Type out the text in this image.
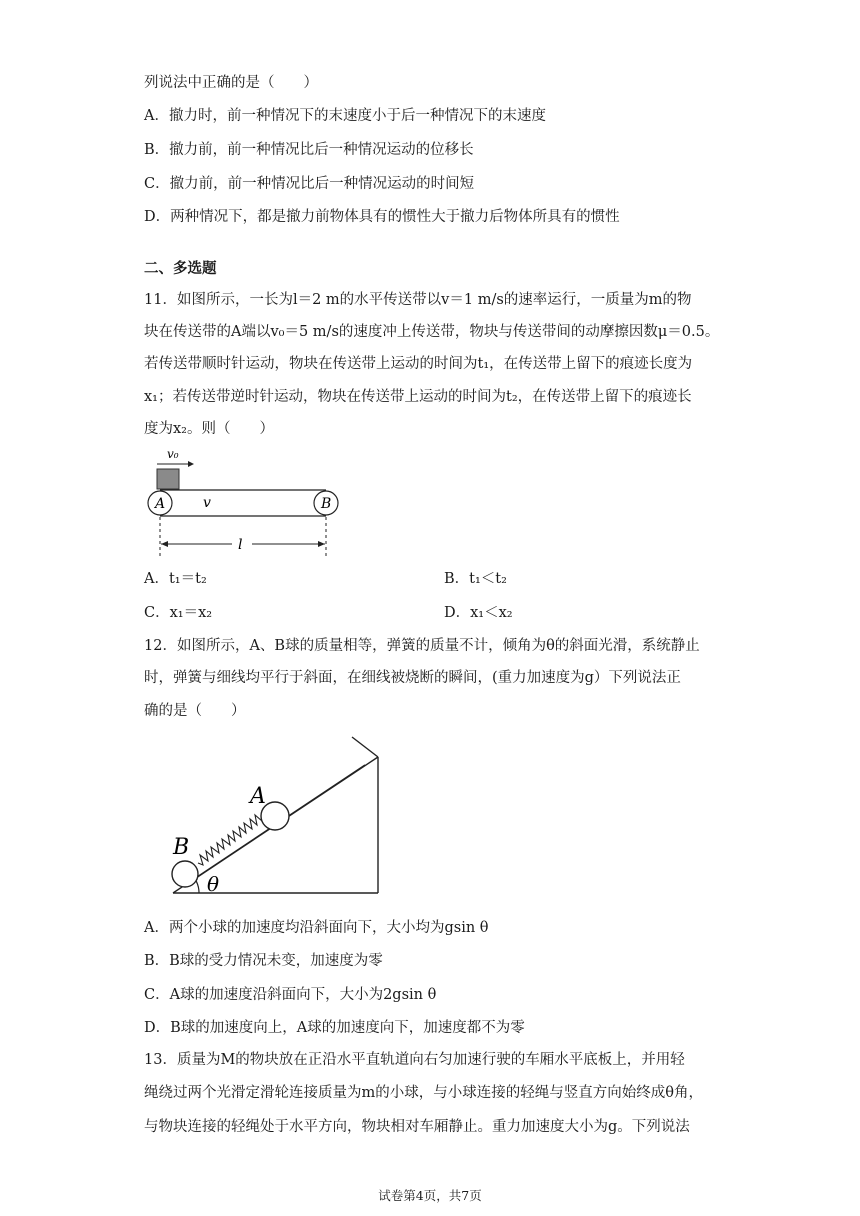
列说法中正确的是（　　）
A．撤力时，前一种情况下的末速度小于后一种情况下的末速度
B．撤力前，前一种情况比后一种情况运动的位移长
C．撤力前，前一种情况比后一种情况运动的时间短
D．两种情况下，都是撤力前物体具有的惯性大于撤力后物体所具有的惯性
二、多选题
11．如图所示，一长为l＝2 m的水平传送带以v＝1 m/s的速率运行，一质量为m的物
块在传送带的A端以v₀＝5 m/s的速度冲上传送带，物块与传送带间的动摩擦因数μ＝0.5。
若传送带顺时针运动，物块在传送带上运动的时间为t₁，在传送带上留下的痕迹长度为
x₁；若传送带逆时针运动，物块在传送带上运动的时间为t₂，在传送带上留下的痕迹长
度为x₂。则（　　）
v₀
A	B
v
l
A．t₁＝t₂	B．t₁＜t₂
C．x₁＝x₂	D．x₁＜x₂
12．如图所示，A、B球的质量相等，弹簧的质量不计，倾角为θ的斜面光滑，系统静止
时，弹簧与细线均平行于斜面，在细线被烧断的瞬间，(重力加速度为g）下列说法正
确的是（　　）
θ
B
A
A．两个小球的加速度均沿斜面向下，大小均为gsin θ
B．B球的受力情况未变，加速度为零
C．A球的加速度沿斜面向下，大小为2gsin θ
D．B球的加速度向上，A球的加速度向下，加速度都不为零
13．质量为M的物块放在正沿水平直轨道向右匀加速行驶的车厢水平底板上，并用轻
绳绕过两个光滑定滑轮连接质量为m的小球，与小球连接的轻绳与竖直方向始终成θ角，
与物块连接的轻绳处于水平方向，物块相对车厢静止。重力加速度大小为g。下列说法
试卷第4页，共7页
